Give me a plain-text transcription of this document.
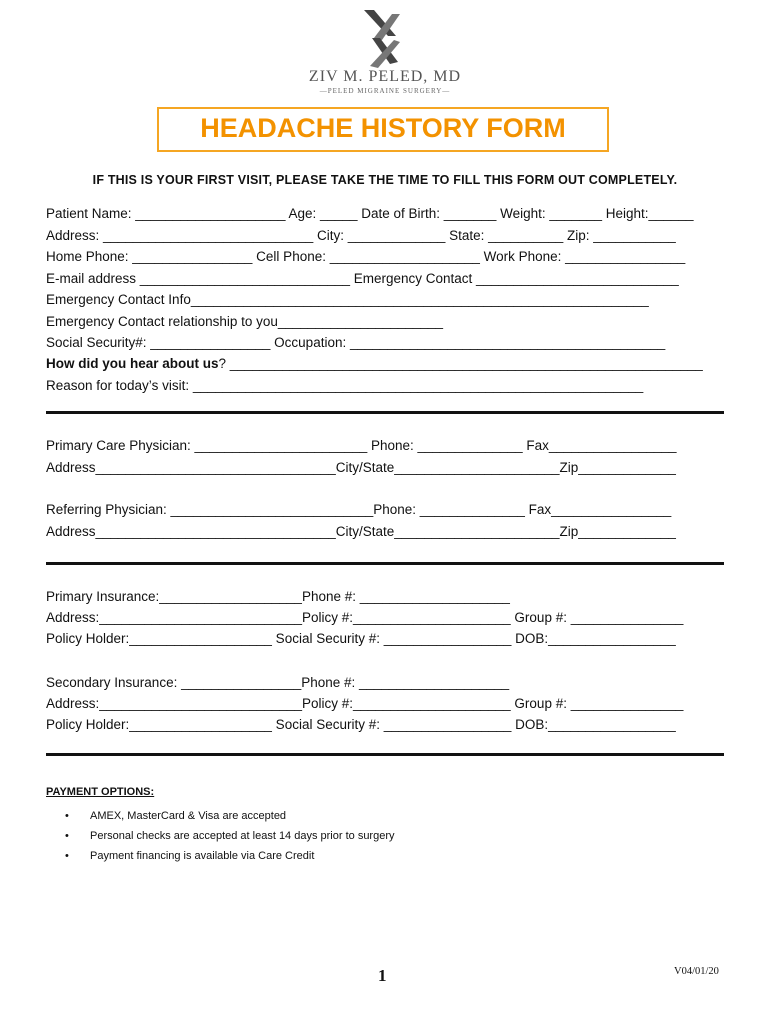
ZIV M. PELED, MD
—PELED MIGRAINE SURGERY—
HEADACHE HISTORY FORM
IF THIS IS YOUR FIRST VISIT, PLEASE TAKE THE TIME TO FILL THIS FORM OUT COMPLETELY.
Patient Name: ____________________ Age: _____ Date of Birth: _______ Weight: _______ Height:______
Address: ____________________________ City: _____________ State: __________ Zip: ___________
Home Phone: ________________ Cell Phone: ____________________ Work Phone: ________________
E-mail address ____________________________ Emergency Contact ___________________________
Emergency Contact Info_____________________________________________________________
Emergency Contact relationship to you______________________
Social Security#: ________________ Occupation: __________________________________________
How did you hear about us? _______________________________________________________________
Reason for today’s visit: ____________________________________________________________
Primary Care Physician: _______________________ Phone: ______________ Fax_________________
Address________________________________City/State______________________Zip_____________
Referring Physician: ___________________________Phone: ______________ Fax________________
Address________________________________City/State______________________Zip_____________
Primary Insurance:___________________Phone #: ____________________
Address:___________________________Policy #:_____________________ Group #: _______________
Policy Holder:___________________ Social Security #: _________________ DOB:_________________
Secondary Insurance: ________________Phone #: ____________________
Address:___________________________Policy #:_____________________ Group #: _______________
Policy Holder:___________________ Social Security #: _________________ DOB:_________________
PAYMENT OPTIONS:
• AMEX, MasterCard & Visa are accepted
• Personal checks are accepted at least 14 days prior to surgery
• Payment financing is available via Care Credit
1	V04/01/20
